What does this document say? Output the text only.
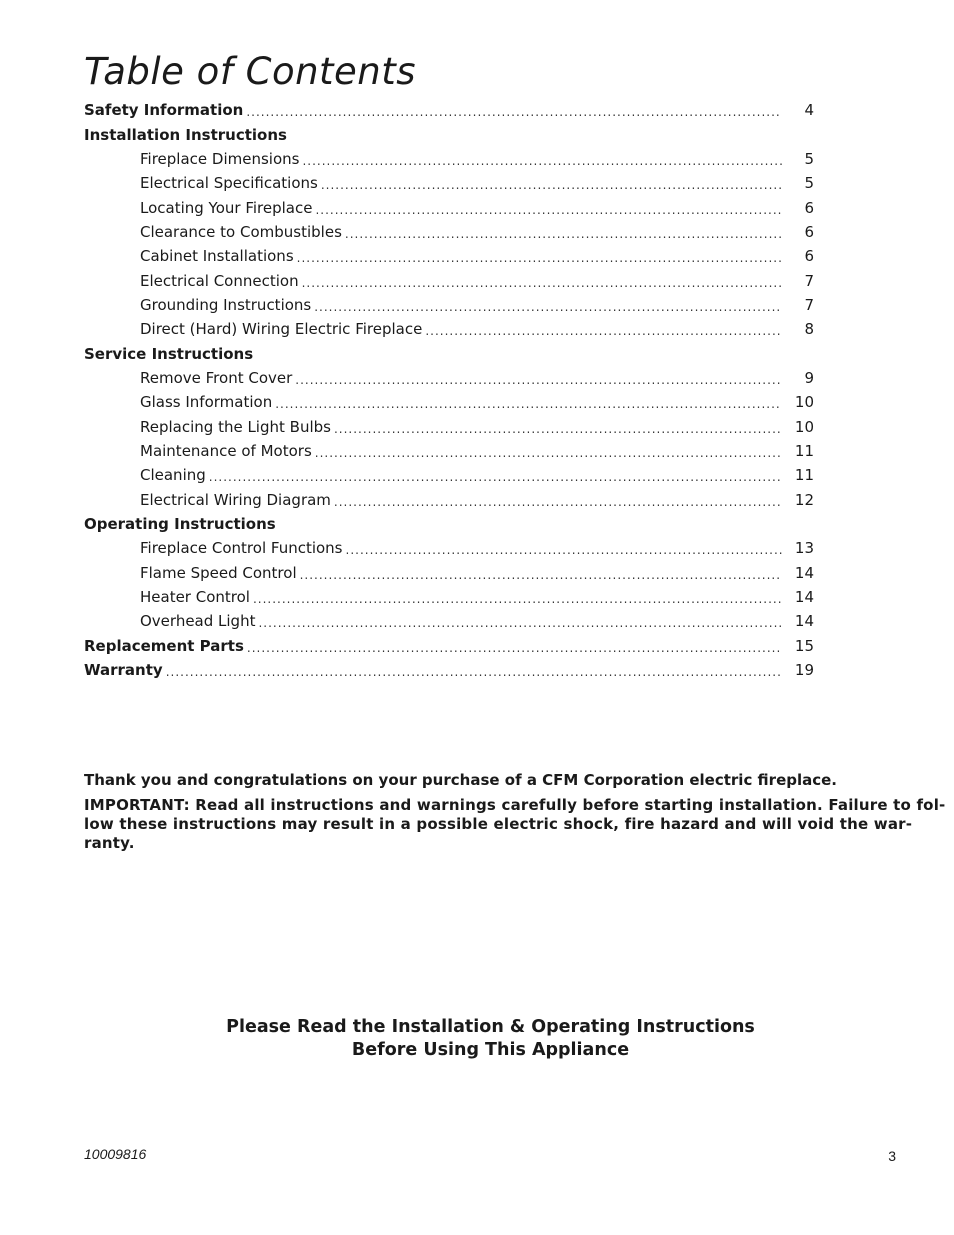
Table of Contents
Safety Information .....	4
Installation Instructions
Fireplace Dimensions .....	5
Electrical Specifications .....	5
Locating Your Fireplace .....	6
Clearance to Combustibles .....	6
Cabinet Installations .....	6
Electrical Connection .....	7
Grounding Instructions .....	7
Direct (Hard) Wiring Electric Fireplace .....	8
Service Instructions
Remove Front Cover .....	9
Glass Information .....	10
Replacing the Light Bulbs .....	10
Maintenance of Motors .....	11
Cleaning .....	11
Electrical Wiring Diagram .....	12
Operating Instructions
Fireplace Control Functions .....	13
Flame Speed Control .....	14
Heater Control .....	14
Overhead Light .....	14
Replacement Parts .....	15
Warranty .....	19

Thank you and congratulations on your purchase of a CFM Corporation electric fireplace.

IMPORTANT: Read all instructions and warnings carefully before starting installation. Failure to fol-
low these instructions may result in a possible electric shock, fire hazard and will void the war-
ranty.

Please Read the Installation & Operating Instructions
Before Using This Appliance
10009816	3
